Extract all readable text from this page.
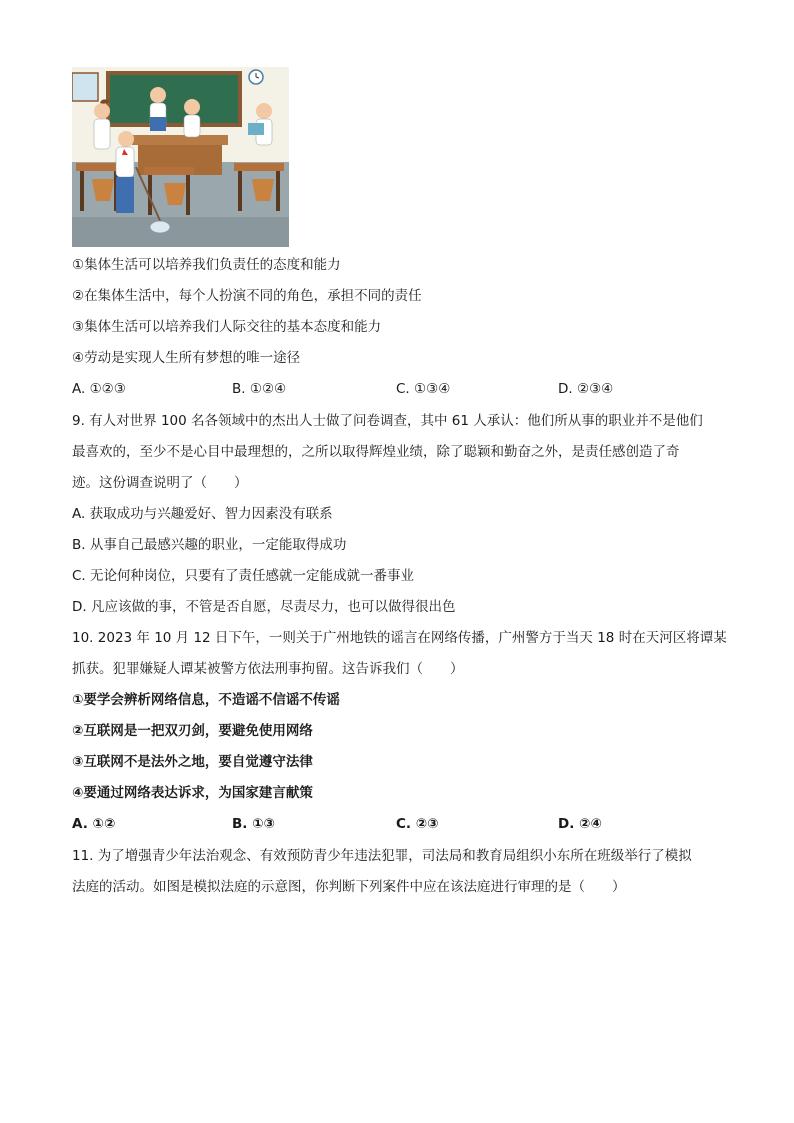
①集体生活可以培养我们负责任的态度和能力
②在集体生活中，每个人扮演不同的角色，承担不同的责任
③集体生活可以培养我们人际交往的基本态度和能力
④劳动是实现人生所有梦想的唯一途径
A. ①②③	B. ①②④	C. ①③④	D. ②③④
9. 有人对世界 100 名各领域中的杰出人士做了问卷调查，其中 61 人承认：他们所从事的职业并不是他们
最喜欢的，至少不是心目中最理想的，之所以取得辉煌业绩，除了聪颖和勤奋之外，是责任感创造了奇
迹。这份调查说明了（　　）
A. 获取成功与兴趣爱好、智力因素没有联系
B. 从事自己最感兴趣的职业，一定能取得成功
C. 无论何种岗位，只要有了责任感就一定能成就一番事业
D. 凡应该做的事，不管是否自愿，尽责尽力，也可以做得很出色
10. 2023 年 10 月 12 日下午，一则关于广州地铁的谣言在网络传播，广州警方于当天 18 时在天河区将谭某
抓获。犯罪嫌疑人谭某被警方依法刑事拘留。这告诉我们（　　）
①要学会辨析网络信息，不造谣不信谣不传谣
②互联网是一把双刃剑，要避免使用网络
③互联网不是法外之地，要自觉遵守法律
④要通过网络表达诉求，为国家建言献策
A. ①②	B. ①③	C. ②③	D. ②④
11. 为了增强青少年法治观念、有效预防青少年违法犯罪，司法局和教育局组织小东所在班级举行了模拟
法庭的活动。如图是模拟法庭的示意图，你判断下列案件中应在该法庭进行审理的是（　　）
